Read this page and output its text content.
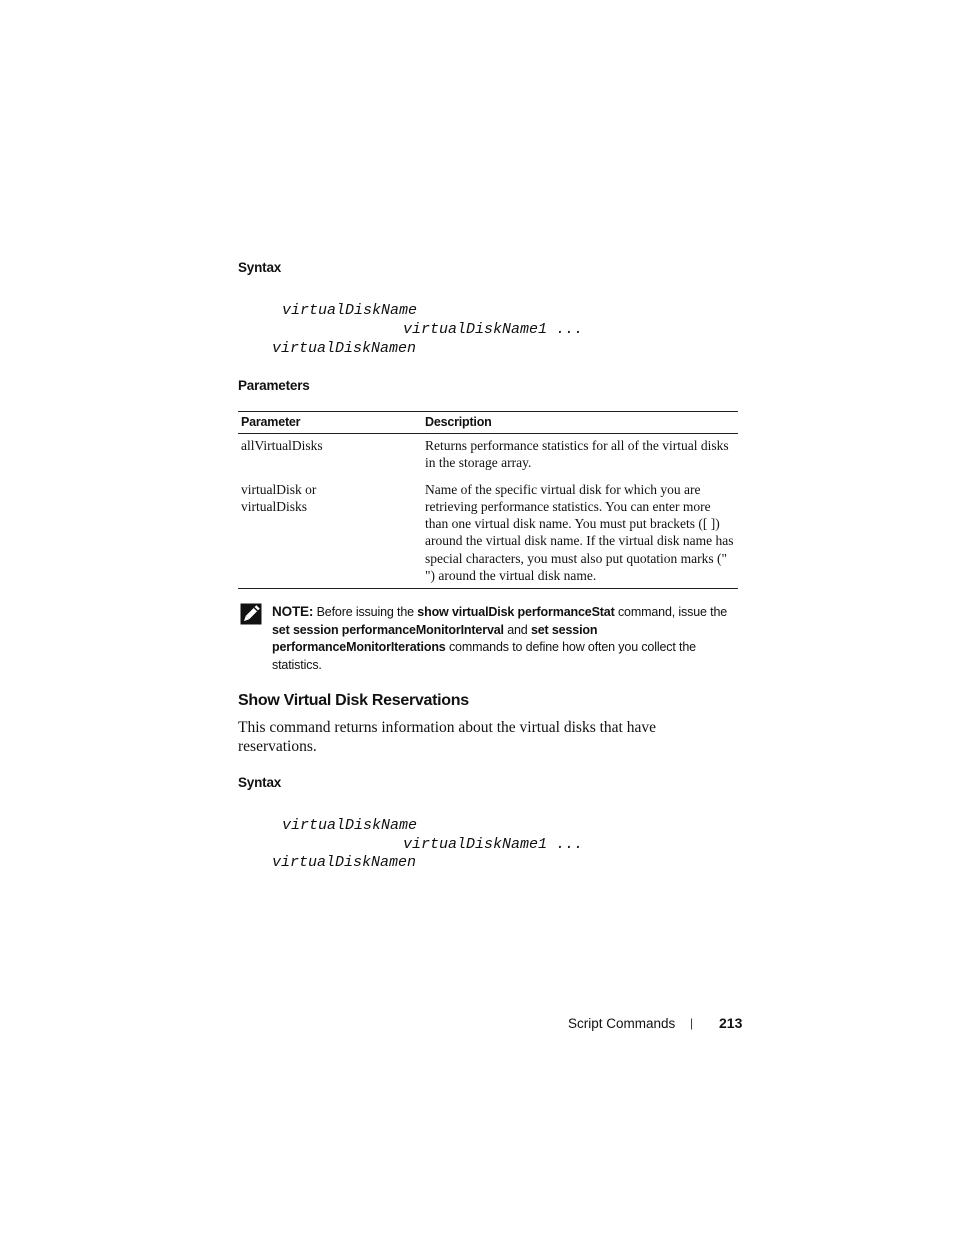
Syntax
virtualDiskName
virtualDiskName1 ...
virtualDiskNamen
Parameters
Parameter	Description
allVirtualDisks	Returns performance statistics for all of the virtual disks in the storage array.
virtualDisk or virtualDisks	Name of the specific virtual disk for which you are retrieving performance statistics. You can enter more than one virtual disk name. You must put brackets ([ ]) around the virtual disk name. If the virtual disk name has special characters, you must also put quotation marks (" ") around the virtual disk name.
NOTE: Before issuing the show virtualDisk performanceStat command, issue the set session performanceMonitorInterval and set session performanceMonitorIterations commands to define how often you collect the statistics.
Show Virtual Disk Reservations
This command returns information about the virtual disks that have reservations.
Syntax
virtualDiskName
virtualDiskName1 ...
virtualDiskNamen
Script Commands | 213
